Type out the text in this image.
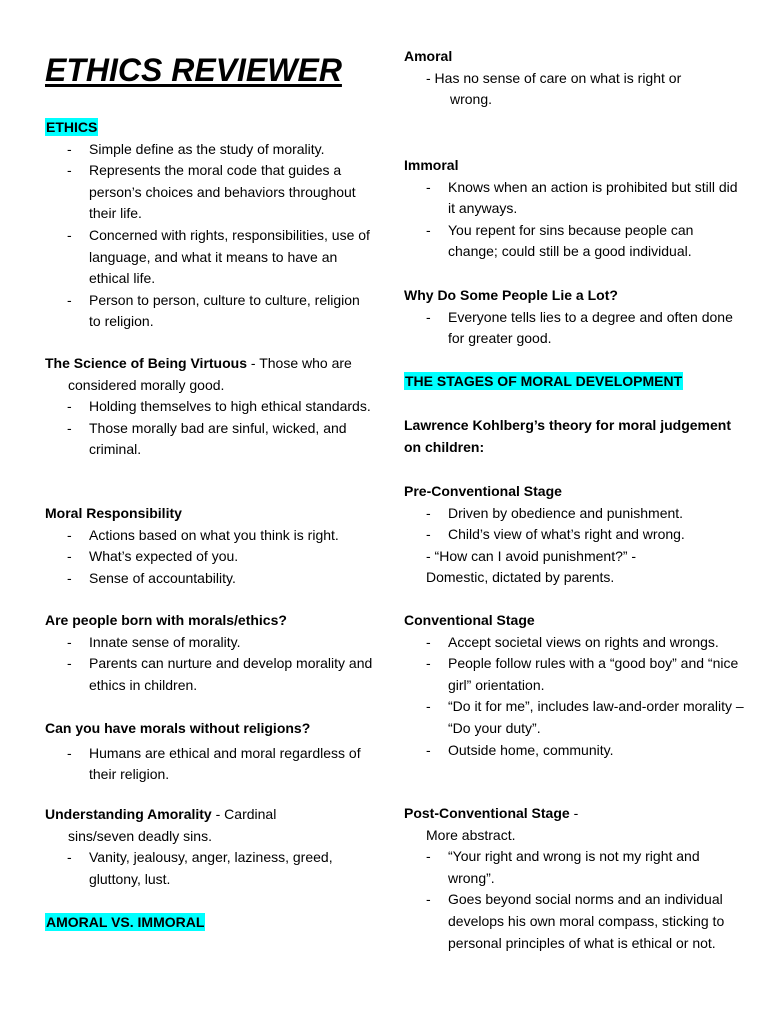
ETHICS REVIEWER
ETHICS
- Simple define as the study of morality.
- Represents the moral code that guides a person’s choices and behaviors throughout their life.
- Concerned with rights, responsibilities, use of language, and what it means to have an ethical life.
- Person to person, culture to culture, religion to religion.
The Science of Being Virtuous - Those who are
considered morally good.
- Holding themselves to high ethical standards.
- Those morally bad are sinful, wicked, and criminal.
Moral Responsibility
- Actions based on what you think is right.
- What’s expected of you.
- Sense of accountability.
Are people born with morals/ethics?
- Innate sense of morality.
- Parents can nurture and develop morality and ethics in children.
Can you have morals without religions?
- Humans are ethical and moral regardless of their religion.
Understanding Amorality - Cardinal
sins/seven deadly sins.
- Vanity, jealousy, anger, laziness, greed, gluttony, lust.
AMORAL VS. IMMORAL
Amoral
- Has no sense of care on what is right or
wrong.
Immoral
- Knows when an action is prohibited but still did it anyways.
- You repent for sins because people can change; could still be a good individual.
Why Do Some People Lie a Lot?
- Everyone tells lies to a degree and often done for greater good.
THE STAGES OF MORAL DEVELOPMENT
Lawrence Kohlberg’s theory for moral judgement on children:
Pre-Conventional Stage
- Driven by obedience and punishment.
- Child’s view of what’s right and wrong.
- “How can I avoid punishment?” -
Domestic, dictated by parents.
Conventional Stage
- Accept societal views on rights and wrongs.
- People follow rules with a “good boy” and “nice girl” orientation.
- “Do it for me”, includes law-and-order morality – “Do your duty”.
- Outside home, community.
Post-Conventional Stage -
More abstract.
- “Your right and wrong is not my right and wrong”.
- Goes beyond social norms and an individual develops his own moral compass, sticking to personal principles of what is ethical or not.
